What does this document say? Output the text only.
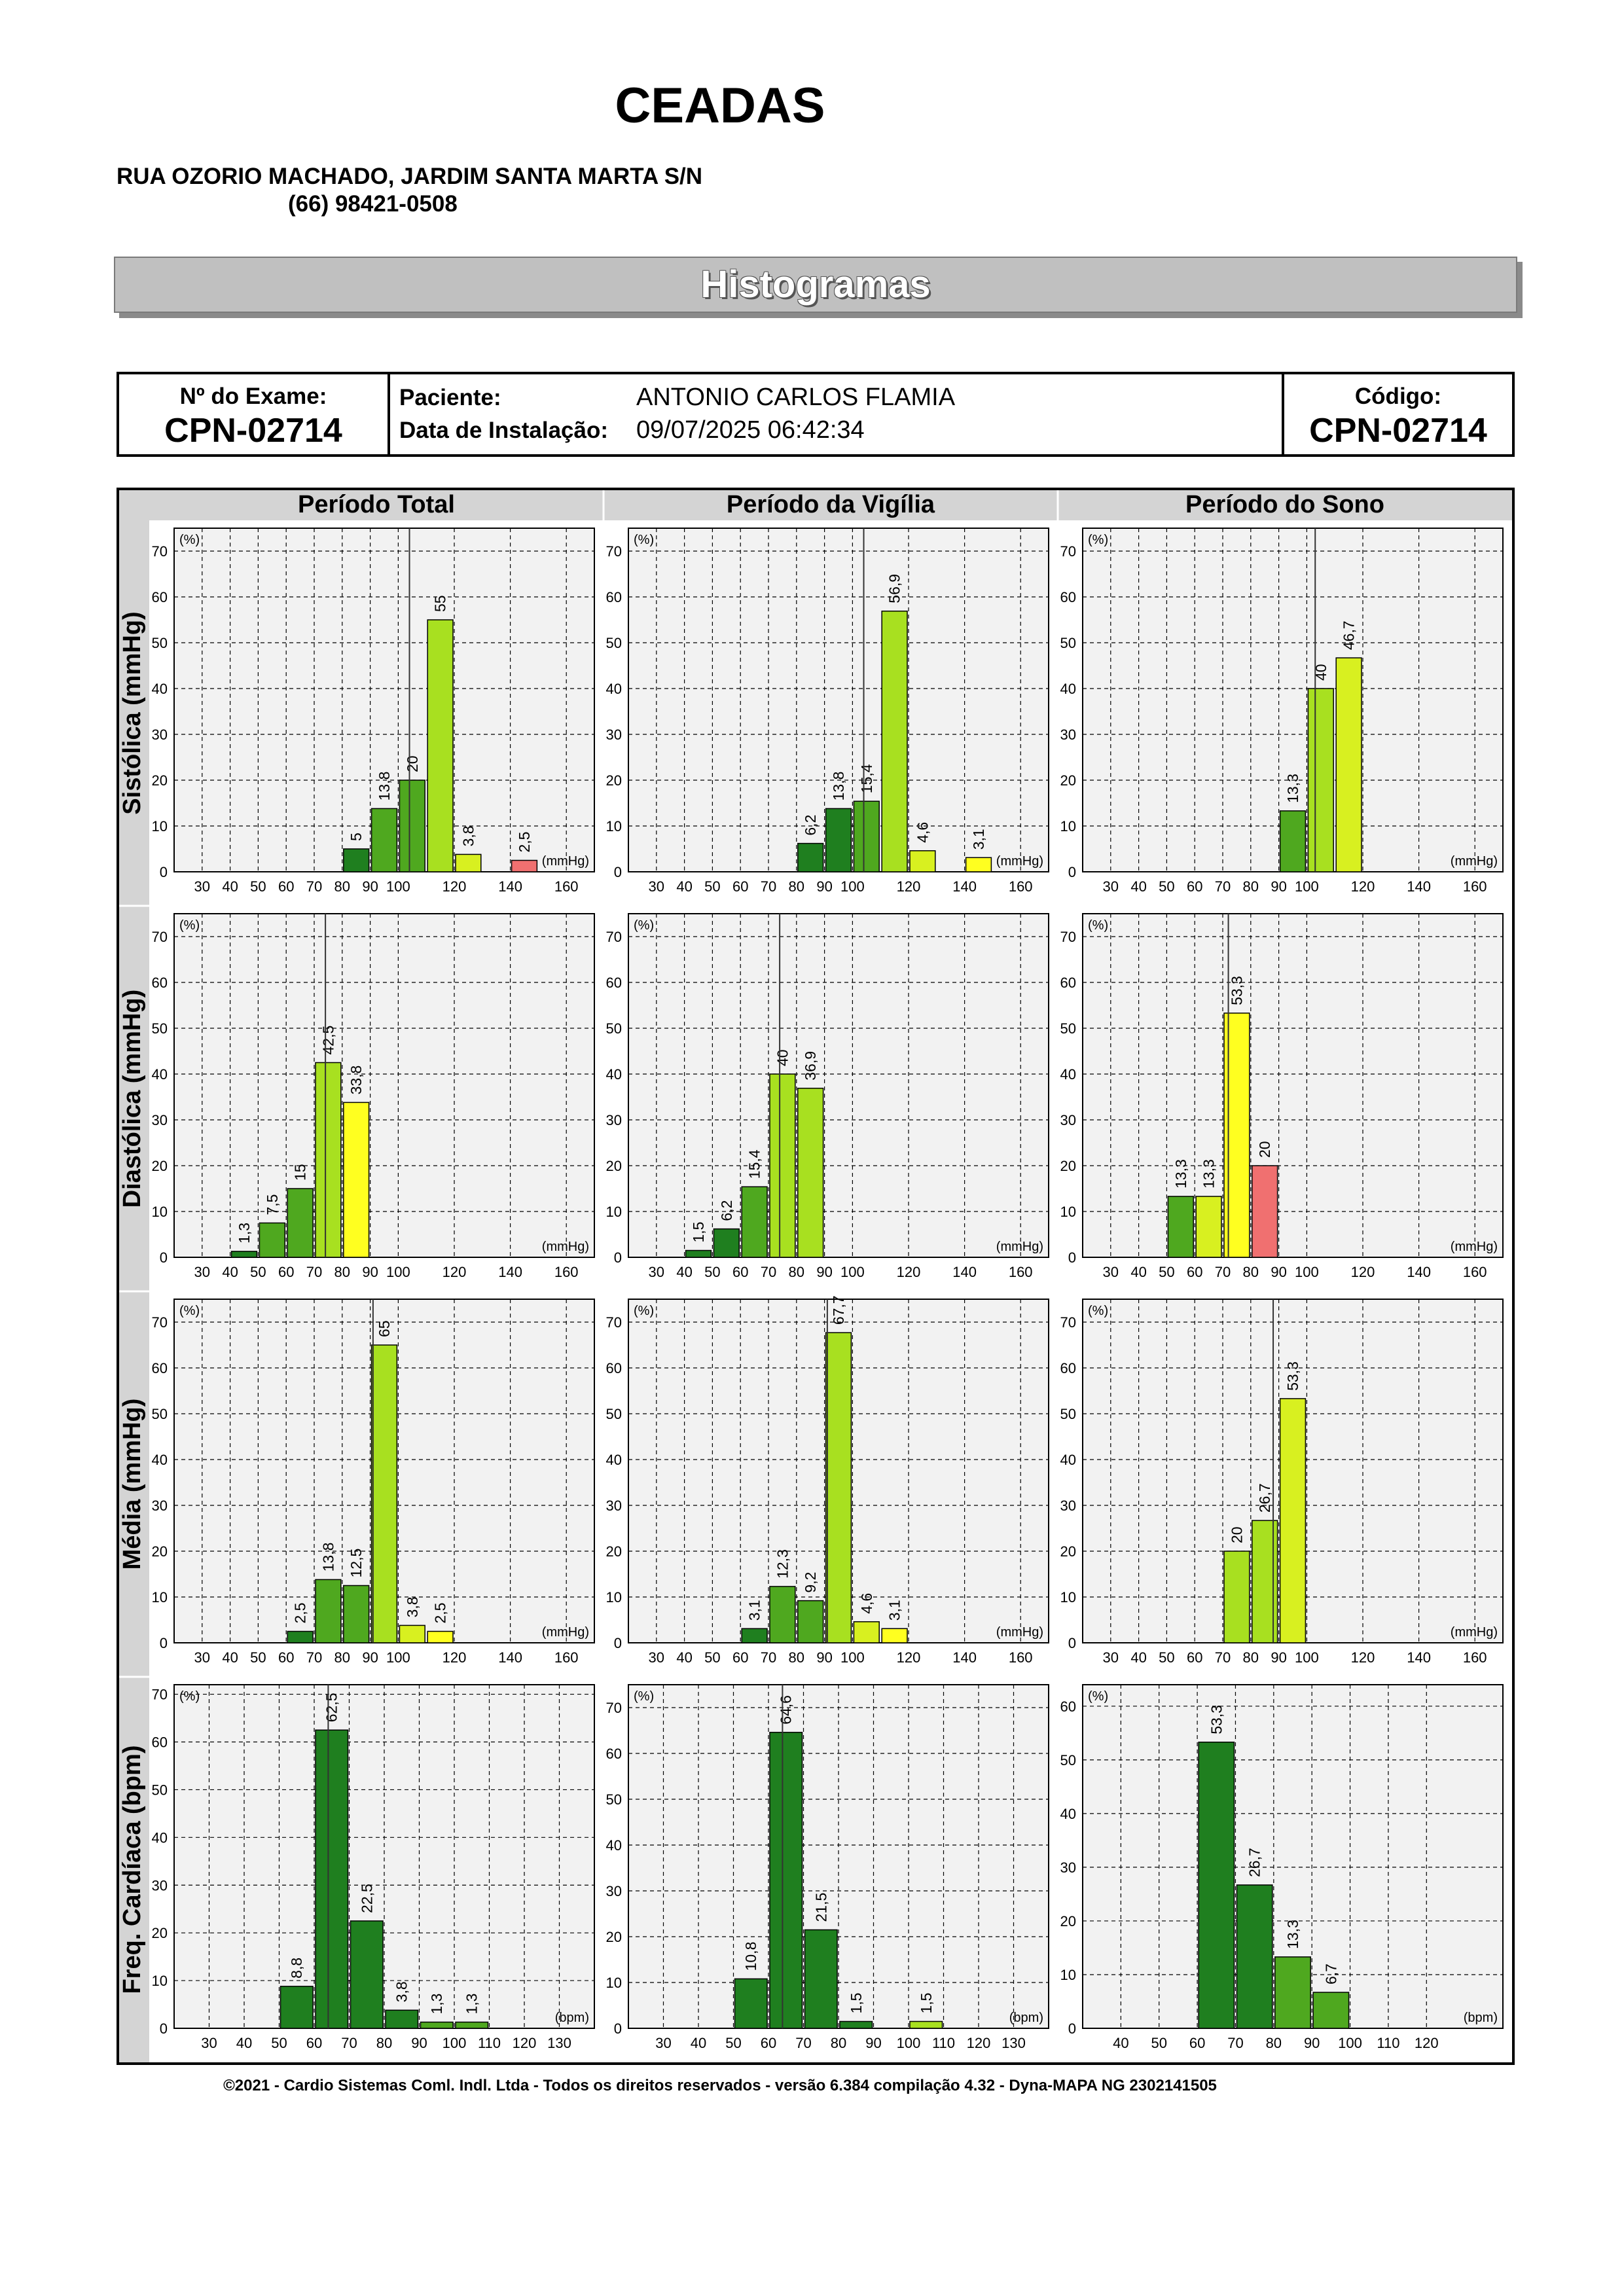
CEADAS
RUA OZORIO MACHADO, JARDIM SANTA MARTA S/N
(66) 98421-0508
Histogramas
Nº do Exame:
CPN-02714
Paciente:	ANTONIO CARLOS FLAMIA
Data de Instalação: 09/07/2025 06:42:34
Código:
CPN-02714
Período Total	Período da Vigília	Período do Sono
Sistólica (mmHg)
0
10
20
30
40
50
60
70
30 40 50 60 70 80 90 100 120 140 160
(%)
(mmHg)
5
13,8
20
55
3,8	2,5
0
10
20
30
40
50
60
70
30 40 50 60 70 80 90 100 120 140 160
(%)
(mmHg)
6,2
13,8 15,4
56,9
4,6	3,1
0
10
20
30
40
50
60
70
30 40 50 60 70 80 90 100 120 140 160
(%)
(mmHg)
13,3
40
46,7
Diastólica (mmHg)
0
10
20
30
40
50
60
70
30 40 50 60 70 80 90 100 120 140 160
(%)
(mmHg)
1,3
7,5
15
42,5
33,8
0
10
20
30
40
50
60
70
30 40 50 60 70 80 90 100 120 140 160
(%)
(mmHg)
1,5
6,2
15,4
40 36,9
0
10
20
30
40
50
60
70
30 40 50 60 70 80 90 100 120 140 160
(%)
(mmHg)
13,3 13,3
53,3
20
Média (mmHg)
0
10
20
30
40
50
60
70
30 40 50 60 70 80 90 100 120 140 160
(%)
(mmHg)
2,5
13,8 12,5
65
3,8 2,5
0
10
20
30
40
50
60
70
30 40 50 60 70 80 90 100 120 140 160
(%)
(mmHg)
3,1
12,3
9,2
67,7
4,6 3,1
0
10
20
30
40
50
60
70
30 40 50 60 70 80 90 100 120 140 160
(%)
(mmHg)
20
26,7
53,3
Freq. Cardíaca (bpm)
0
10
20
30
40
50
60
70
30 40 50 60 70 80 90 100 110 120 130
(%)
(bpm)
8,8
62,5
22,5
3,8
1,3 1,3
0
10
20
30
40
50
60
70
30 40 50 60 70 80 90 100 110 120 130
(%)
(bpm)
10,8
64,6
21,5
1,5	1,5
0
10
20
30
40
50
60
40 50 60 70 80 90 100 110 120
(%)
(bpm)
53,3
26,7
13,3
6,7
©2021 - Cardio Sistemas Coml. Indl. Ltda - Todos os direitos reservados - versão 6.384 compilação 4.32 - Dyna-MAPA NG 2302141505
